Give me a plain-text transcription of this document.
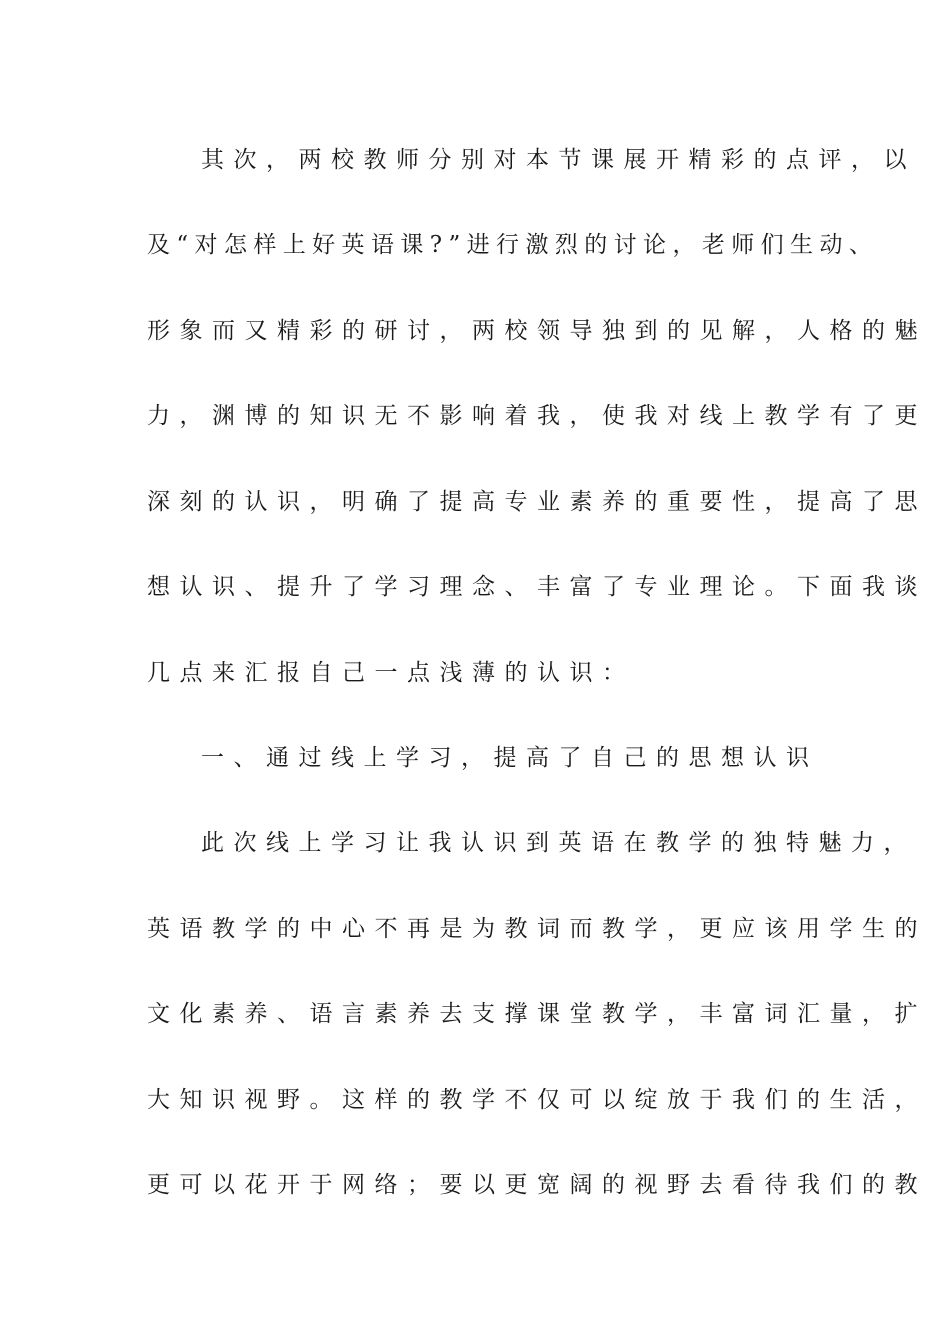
其次，两校教师分别对本节课展开精彩的点评，以
及“对怎样上好英语课?”进行激烈的讨论，老师们生动、
形象而又精彩的研讨，两校领导独到的见解，人格的魅
力，渊博的知识无不影响着我，使我对线上教学有了更
深刻的认识，明确了提高专业素养的重要性，提高了思
想认识、提升了学习理念、丰富了专业理论。下面我谈
几点来汇报自己一点浅薄的认识：
一、通过线上学习，提高了自己的思想认识
此次线上学习让我认识到英语在教学的独特魅力，
英语教学的中心不再是为教词而教学，更应该用学生的
文化素养、语言素养去支撑课堂教学，丰富词汇量，扩
大知识视野。这样的教学不仅可以绽放于我们的生活，
更可以花开于网络；要以更宽阔的视野去看待我们的教
